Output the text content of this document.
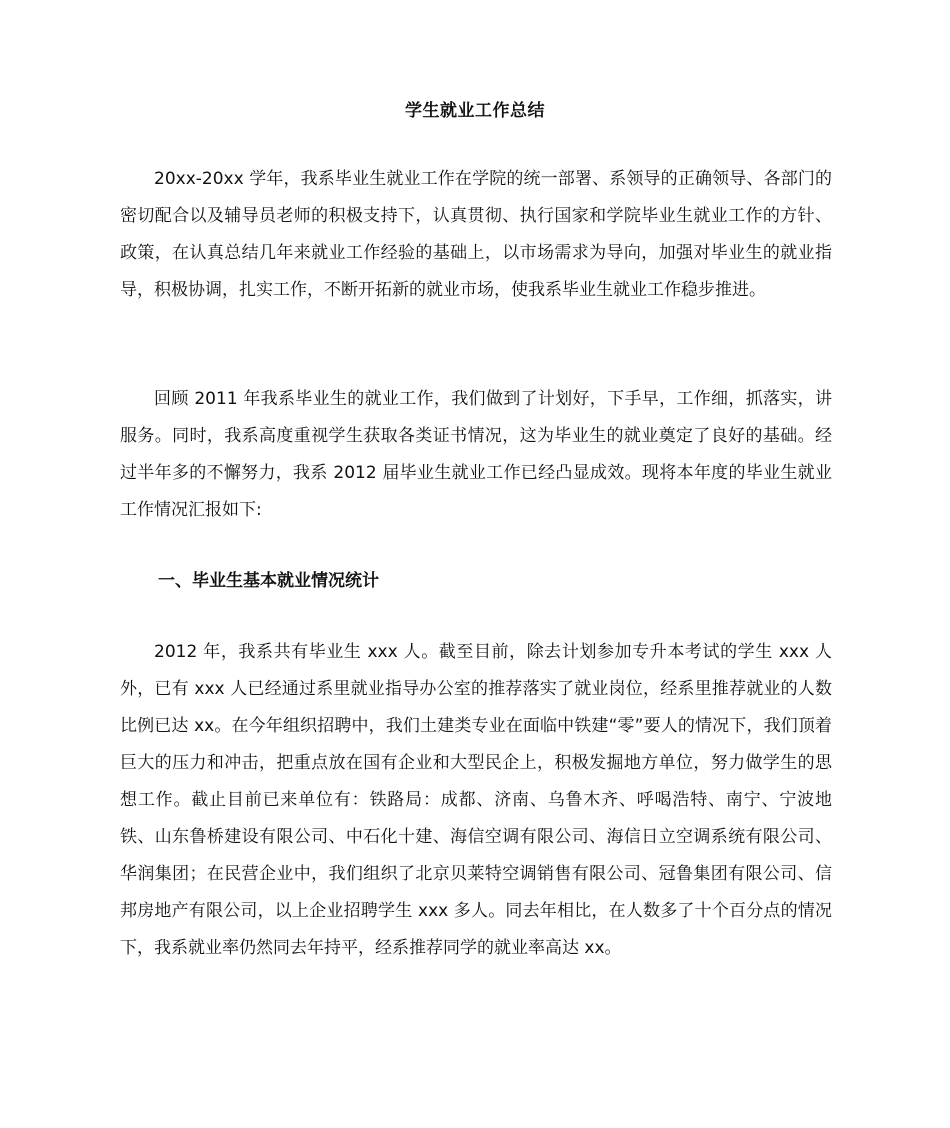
学生就业工作总结
20xx-20xx 学年，我系毕业生就业工作在学院的统一部署、系领导的正确领导、各部门的密切配合以及辅导员老师的积极支持下，认真贯彻、执行国家和学院毕业生就业工作的方针、政策，在认真总结几年来就业工作经验的基础上，以市场需求为导向，加强对毕业生的就业指导，积极协调，扎实工作，不断开拓新的就业市场，使我系毕业生就业工作稳步推进。
回顾 2011 年我系毕业生的就业工作，我们做到了计划好，下手早，工作细，抓落实，讲服务。同时，我系高度重视学生获取各类证书情况，这为毕业生的就业奠定了良好的基础。经过半年多的不懈努力，我系 2012 届毕业生就业工作已经凸显成效。现将本年度的毕业生就业工作情况汇报如下:
一、毕业生基本就业情况统计
2012 年，我系共有毕业生 xxx 人。截至目前，除去计划参加专升本考试的学生 xxx 人外，已有 xxx 人已经通过系里就业指导办公室的推荐落实了就业岗位，经系里推荐就业的人数比例已达 xx。在今年组织招聘中，我们土建类专业在面临中铁建“零”要人的情况下，我们顶着巨大的压力和冲击，把重点放在国有企业和大型民企上，积极发掘地方单位，努力做学生的思想工作。截止目前已来单位有：铁路局：成都、济南、乌鲁木齐、呼喝浩特、南宁、宁波地铁、山东鲁桥建设有限公司、中石化十建、海信空调有限公司、海信日立空调系统有限公司、华润集团；在民营企业中，我们组织了北京贝莱特空调销售有限公司、冠鲁集团有限公司、信邦房地产有限公司，以上企业招聘学生 xxx 多人。同去年相比，在人数多了十个百分点的情况下，我系就业率仍然同去年持平，经系推荐同学的就业率高达 xx。
